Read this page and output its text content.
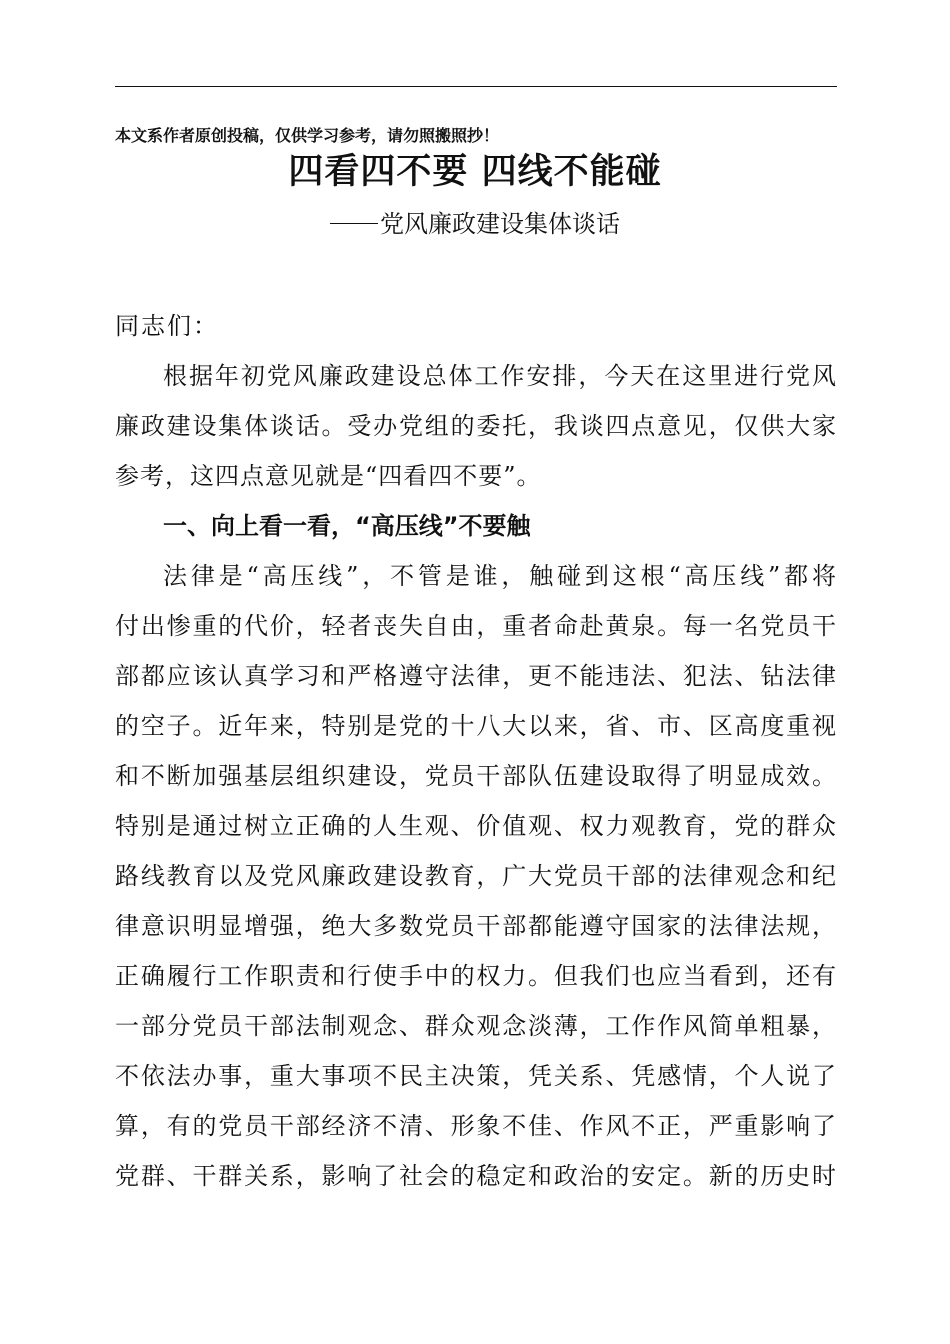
本文系作者原创投稿，仅供学习参考，请勿照搬照抄！
四看四不要 四线不能碰
党风廉政建设集体谈话
同志们：
根据年初党风廉政建设总体工作安排，今天在这里进行党风
廉政建设集体谈话。受办党组的委托，我谈四点意见，仅供大家
参考，这四点意见就是“四看四不要”。
一、向上看一看，“高压线”不要触
法律是“高压线”，不管是谁，触碰到这根“高压线”都将
付出惨重的代价，轻者丧失自由，重者命赴黄泉。每一名党员干
部都应该认真学习和严格遵守法律，更不能违法、犯法、钻法律
的空子。近年来，特别是党的十八大以来，省、市、区高度重视
和不断加强基层组织建设，党员干部队伍建设取得了明显成效。
特别是通过树立正确的人生观、价值观、权力观教育，党的群众
路线教育以及党风廉政建设教育，广大党员干部的法律观念和纪
律意识明显增强，绝大多数党员干部都能遵守国家的法律法规，
正确履行工作职责和行使手中的权力。但我们也应当看到，还有
一部分党员干部法制观念、群众观念淡薄，工作作风简单粗暴，
不依法办事，重大事项不民主决策，凭关系、凭感情，个人说了
算，有的党员干部经济不清、形象不佳、作风不正，严重影响了
党群、干群关系，影响了社会的稳定和政治的安定。新的历史时
